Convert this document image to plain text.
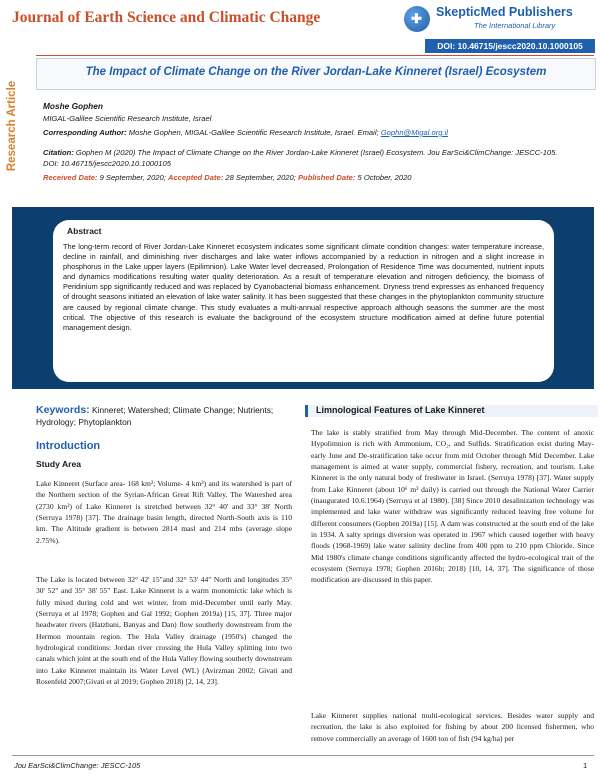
Journal of Earth Science and Climatic Change	✚ SkepticMed Publishers
The International Library
DOI: 10.46715/jescc2020.10.1000105
Research Article
The Impact of Climate Change on the River Jordan-Lake Kinneret (Israel) Ecosystem
Moshe Gophen
MIGAL-Galilee Scientific Research Institute, Israel
Corresponding Author: Moshe Gophen, MIGAL-Galilee Scientific Research Institute, Israel. Email; Gophn@Migal.org.il
Citation: Gophen M (2020) The Impact of Climate Change on the River Jordan-Lake Kinneret (Israel) Ecosystem. Jou EarSci&ClimChange: JESCC-105. DOI: 10.46715/jescc2020.10.1000105
Received Date: 9 September, 2020; Accepted Date: 28 September, 2020; Published Date: 5 October, 2020
Abstract
The long-term record of River Jordan-Lake Kinneret ecosystem indicates some significant climate condition changes: water temperature increase, decline in rainfall, and diminishing river discharges and lake water inflows accompanied by a reduction in nitrogen and a slight increase in phosphorus in the Lake upper layers (Epilimnion). Lake Water level decreased, Prolongation of Residence Time was documented, nutrient inputs and dynamics modifications resulting water quality deterioration. As a result of temperature elevation and nitrogen deficiency, the biomass of Peridinium spp significantly reduced and was replaced by Cyanobacterial biomass enhancement. Dryness trend expresses as enhanced frequency of drought seasons initiated an elevation of lake water salinity. It has been suggested that these changes in the phytoplankton community structure are caused by regional climate change. This study evaluates a multi-annual respective approach although seasons the summer are the most critical. The objective of this research is evaluate the background of the ecosystem structure modification aimed at define future potential management design.
Keywords: Kinneret; Watershed; Climate Change; Nutrients; Hydrology; Phytoplankton
Introduction
Study Area
Lake Kinneret (Surface area- 168 km²; Volume- 4 km³) and its watershed is part of the Northern section of the Syrian-African Great Rift Valley. The Watershed area (2730 km²) of Lake Kinneret is stretched between 32° 40' and 33° 38' North (Serruya 1978) [37]. The drainage basin length, directed North-South axis is 110 km. The Altitude gradient is between 2814 masl and 214 mbs (average slope 2.75%).
The Lake is located between 32° 42' 15"and 32° 53' 44" North and longitudes 35° 30' 52" and 35° 38' 55" East. Lake Kinneret is a warm monomictic lake which is fully mixed during cold and wet winter, from mid-December until early May. (Serruya et al 1978; Gophen and Gal 1992; Gophen 2019a) [15, 37]. Three major headwater rivers (Hatzbani, Banyas and Dan) flow southerly downstream from the Hermon mountain region. The Hula Valley drainage (1950's) changed the hydrological conditions: Jordan river crossing the Hula Valley splitting into two canals which joint at the south end of the Hula Valley flowing southerly downstream into Lake Kinneret maintain its Water Level (WL) (Avirzman 2002; Givati and Rosenfeld 2007;Givati et al 2019; Gophen 2018) [2, 14, 23].
Limnological Features of Lake Kinneret
The lake is stably stratified from May through Mid-December. The content of anoxic Hypolimnion is rich with Ammonium, CO₂, and Sulfids. Stratification exist during May-early June and De-stratification take occur from mid October through Mid December. Lake management is aimed at water supply, commercial fishery, recreation, and tourism. Lake Kinneret is the only natural body of freshwater in Israel. (Serruya 1978) [37]. Water supply from Lake Kinneret (about 10⁶ m³ daily) is carried out through the National Water Carrier (inaugurated 10.6.1964) (Serruya et al 1980). [38] Since 2010 desalinization technology was implemented and lake water withdraw was significantly reduced leaving free volume for different consumers (Gophen 2019a) [15]. A dam was constructed at the south end of the lake in 1934. A salty springs diversion was operated in 1967 which caused together with heavy floods (1968-1969) lake water salinity decline from 400 ppm to 210 ppm Chloride. Since Mid 1980's climate change conditions significantly affected the hydro-ecological trait of the ecosystem (Serruya 1978; Gophen 2016b; 2018) [10, 14, 37]. The significance of those modification are discussed in this paper.
Lake Kinneret supplies national multi-ecological services. Besides water supply and recreation, the lake is also exploited for fishing by about 200 licensed fishermen, who remove commercially an average of 1600 ton of fish (94 kg/ha) per
Jou EarSci&ClimChange: JESCC-105	1
